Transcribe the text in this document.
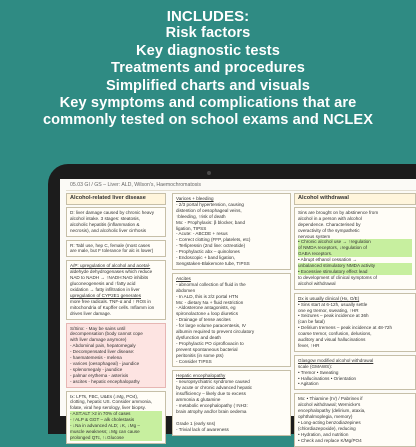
INCLUDES:
Risk factors
Key diagnostic tests
Treatments and procedures
Simplified charts and visuals
Key symptoms and complications that are
commonly tested on school exams and NCLEX
05.03 GI / GS – Liver: ALD, Wilson's, Haemochromatosis
Alcohol-related liver disease
D: liver damage caused by chronic heavy
alcohol intake. 3 stages: steatosis,
alcoholic hepatitis (inflammation &
necrosis), and alcoholic liver cirrhosis
R: Tabl use, hep C, female (most cases
are male, but F tolerance for alc is lower)
A/P: upregulation of alcohol and acetal-
aldehyde dehydrogenases which reduce
NAD to NADH → ↑NADH:NAD inhibits
gluconeogenesis and ↑fatty acid
oxidation → fatty infiltration in liver
upregulation of CYP2E1 generates
more free radicals. TNF-α and ↑ ROS in
mitochondria of Kupffer cells. Inflamm ion
drives liver damage.
S/Sinx: - May be sains until
decompensation (body cannot cope
with liver damage anymore)
- Abdominal pain, hepatomegaly
- Decompensated liver disease:
- haematemesis - melena
- varices (oesophageal) - jaundice
- splenomegaly - jaundice
- palmar erythema - asterixis
- ascites - hepatic encephalopathy
Ix: LFTs, FBC, U&Es (↓Mg, PO4),
clotting, hepatic US. Consider ammonia,
folate, viral hep serology, liver biopsy.
- AST:ALT >2 in 70% of cases
- ↑ALP & GGT – alk cholestasis
- ↓Na in advanced ALD; ↓K, ↓Mg –
muscle weakness; ↓Mg can cause
prolonged QTc, ↑↓Glucose
Varices + bleeding
- 2/3 portal hypertension, causing
distention of oesophageal veins,
↑bleeding, ↑risk of death
Mx: - Prophylaxis: β blocker, band
ligation, TIPSS
- Acute: - ABCDE + resus
- Correct clotting (FFP, platelets, etc)
- Terlipressin (2nd line: octreotide)
- Prophylactic abx – quinolones
- Endoscopic + band ligation,
Sengstaken-Blakemore tube, TIPSS
Ascites
- abnormal collection of fluid in the
abdomen
- In ALD, this is 2/2 portal HTN
Mx: - dietary Na + fluid restriction
- Aldosterone antagonists, eg
spironolactone ± loop diuretics
- Drainage of tense ascites
- for large volume paracentesis, IV
albumin required to prevent circulatory
dysfunction and death
- Prophylactic PO ciprofloxacin to
prevent spontaneous bacterial
peritonitis (in some pts)
- Consider TIPSS
Hepatic encephalopathy
- neuropsychiatric syndrome caused
by acute or chronic advanced hepatic
insufficiency – likely due to excess
ammonia & glutamine
- metabolic encephalopathy (↑NH3:
brain atrophy and/or brain oedema

Grade 1 (early sns)
- Trivial lack of awareness
Alcohol withdrawal
Sins are brought on by abstinence from
alcohol in a person with alcohol
dependence. Characterised by
overactivity of the sympathetic
nervous system
• Chronic alcohol use → ↑regulation
of NMDA receptors, ↓regulation of
GABA receptors.
• Abrupt ethanol cessation →
unbalanced stimulatory NMDA activity
• Excessive stimulatory effect lead
to development of clinical symptoms of
alcohol withdrawal
Dx is usually clinical (Hx, O/E)
• Sins start at 6-12h, usually settle
one eg tremor, sweating, ↑HR
• Seizures – peak incidence at 36h
(can be fatal)
• Delirium tremens – peak incidence at 48-72h
coarse tremor, confusion, delusions,
auditory and visual hallucinations
fever, ↑HR
Glasgow modified alcohol withdrawal
scale (GMAWS):
• Tremor • Sweating
• Hallucinations • Orientation
• Agitation
Mx: • Thiamine (IV) / Pabrinex if
alcohol withdrawal; Wernicke's
encephalopathy (delirium, ataxia,
ophthalmoplegia, memory)
• Long-acting benzodiazepines
(chlordiazepoxide), reducing
• Hydration, and nutrition
• Check and replace K/Mg/PO4
